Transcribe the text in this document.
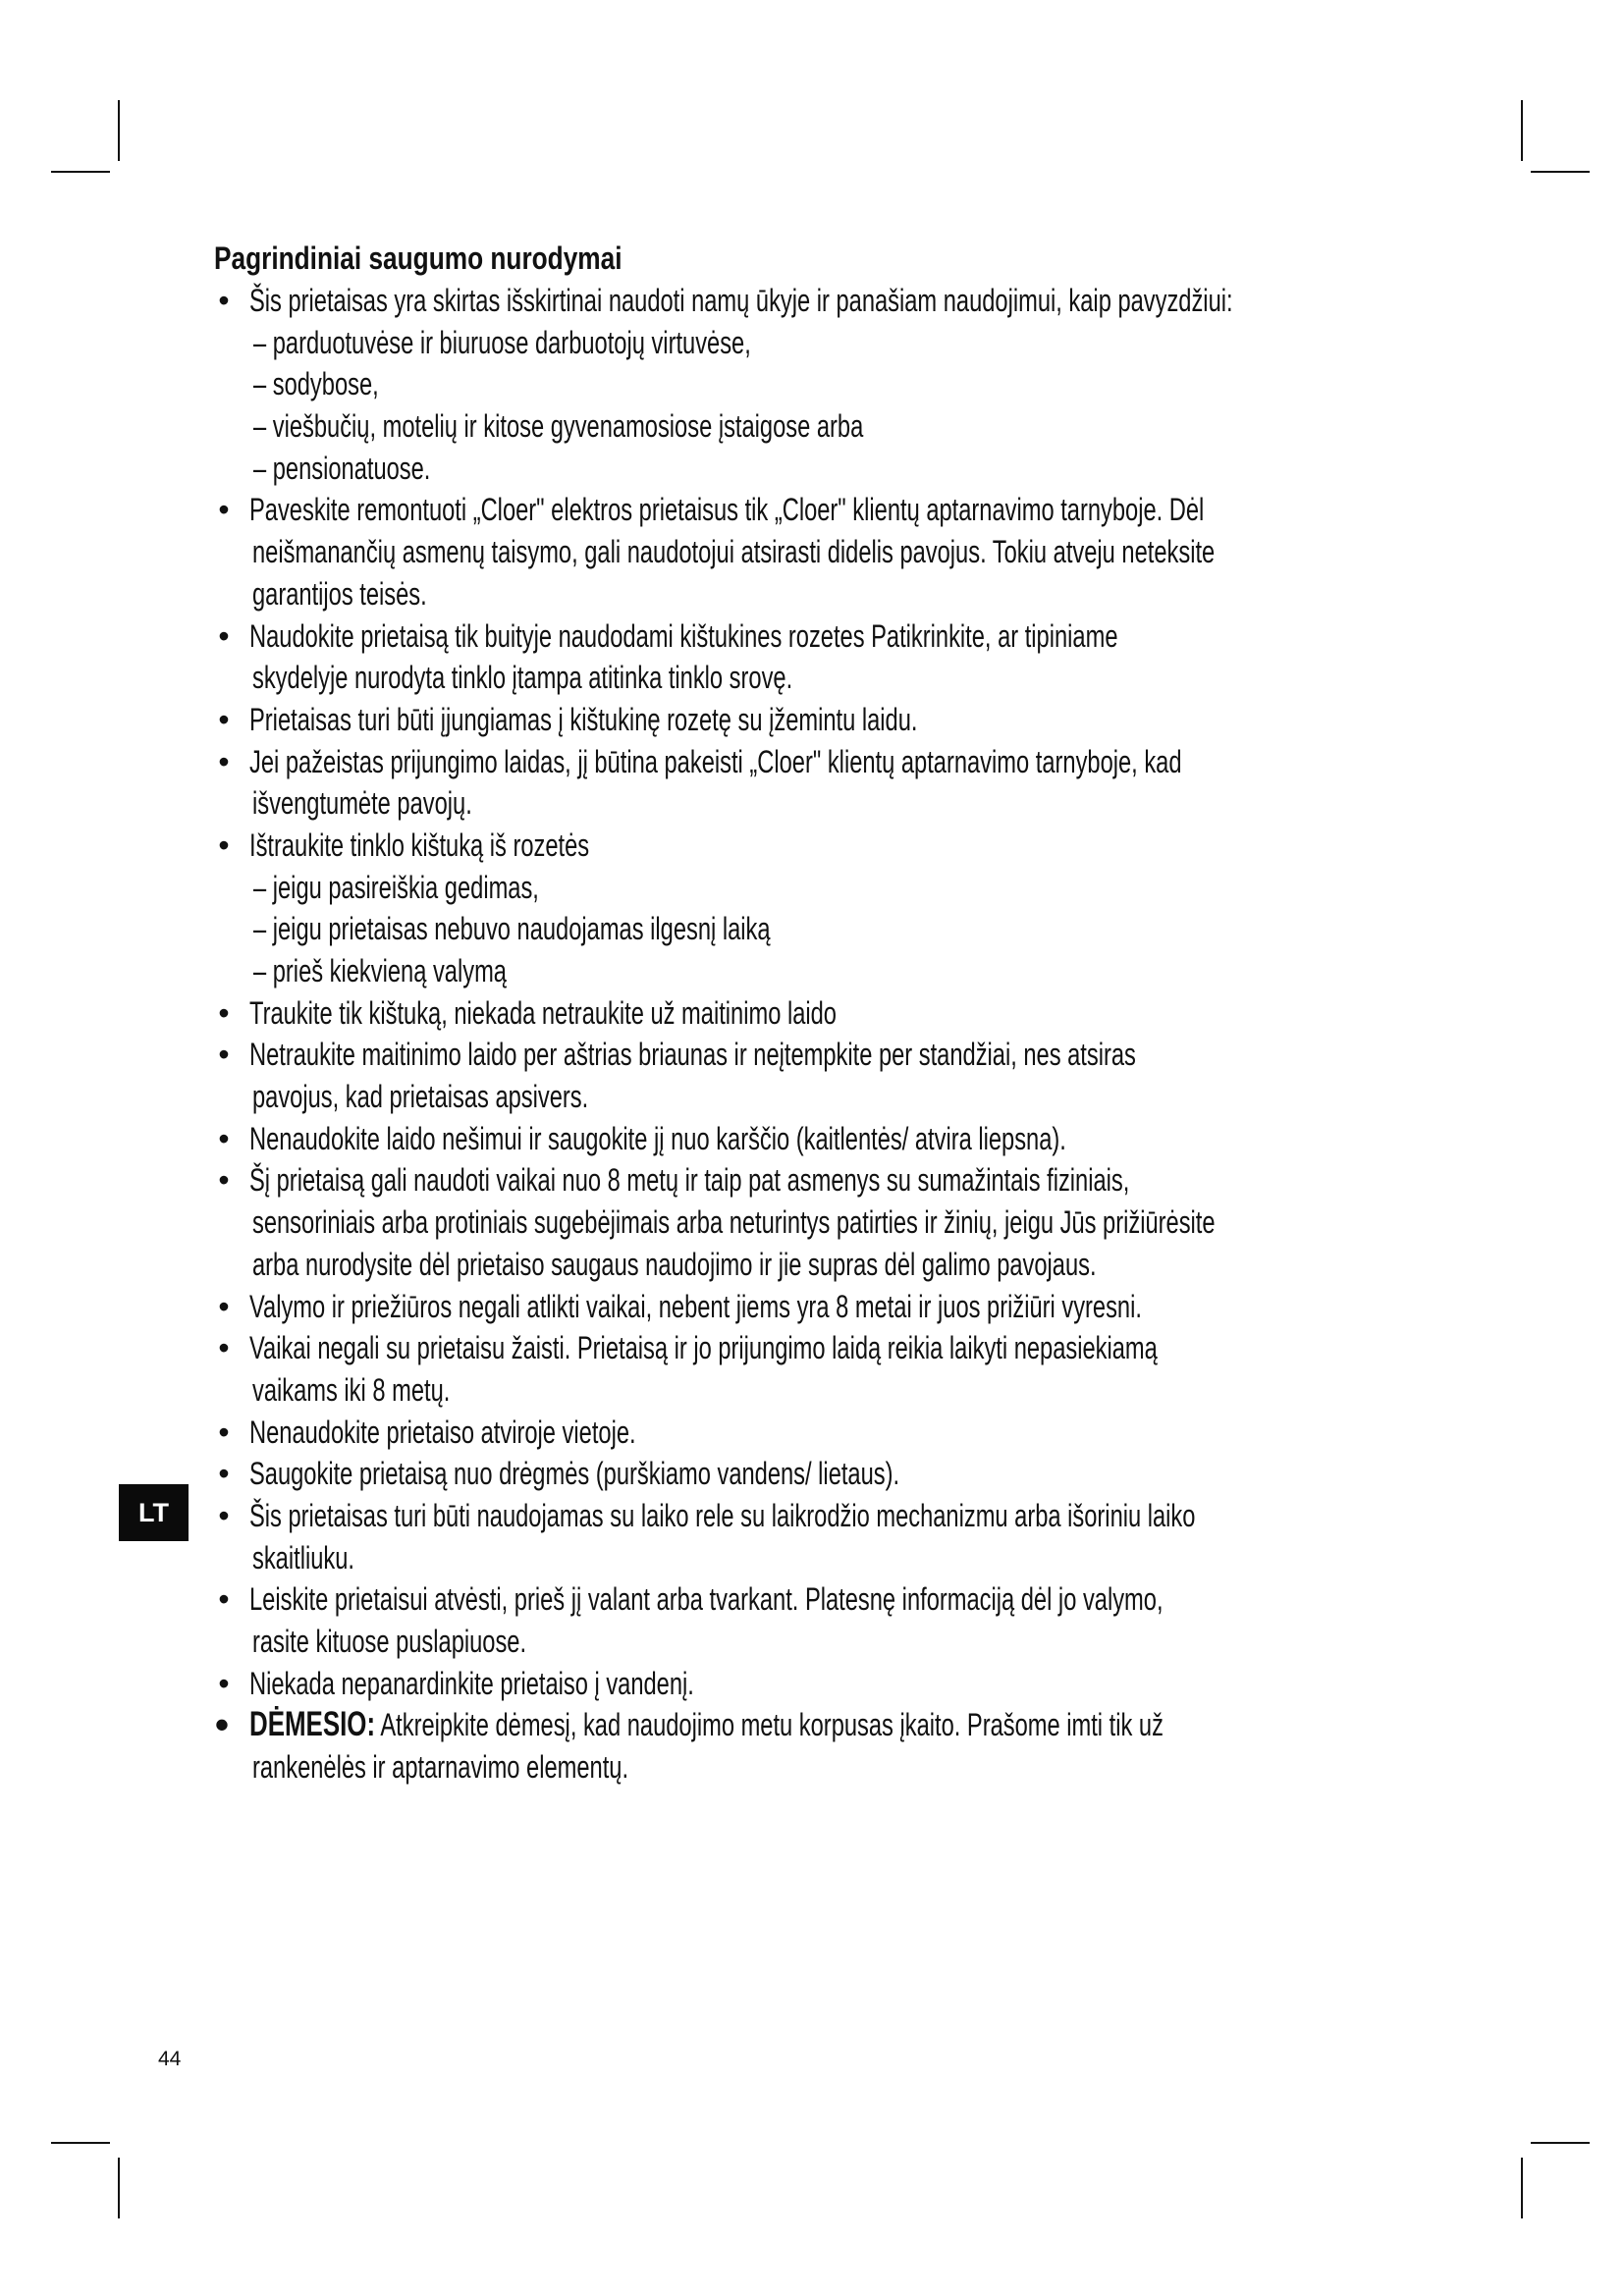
Pagrindiniai saugumo nurodymai
• Šis prietaisas yra skirtas išskirtinai naudoti namų ūkyje ir panašiam naudojimui, kaip pavyzdžiui:
– parduotuvėse ir biuruose darbuotojų virtuvėse,
– sodybose,
– viešbučių, motelių ir kitose gyvenamosiose įstaigose arba
– pensionatuose.
• Paveskite remontuoti „Cloer" elektros prietaisus tik „Cloer" klientų aptarnavimo tarnyboje. Dėl
neišmanančių asmenų taisymo, gali naudotojui atsirasti didelis pavojus. Tokiu atveju neteksite
garantijos teisės.
• Naudokite prietaisą tik buityje naudodami kištukines rozetes Patikrinkite, ar tipiniame
skydelyje nurodyta tinklo įtampa atitinka tinklo srovę.
• Prietaisas turi būti įjungiamas į kištukinę rozetę su įžemintu laidu.
• Jei pažeistas prijungimo laidas, jį būtina pakeisti „Cloer" klientų aptarnavimo tarnyboje, kad
išvengtumėte pavojų.
• Ištraukite tinklo kištuką iš rozetės
– jeigu pasireiškia gedimas,
– jeigu prietaisas nebuvo naudojamas ilgesnį laiką
– prieš kiekvieną valymą
• Traukite tik kištuką, niekada netraukite už maitinimo laido
• Netraukite maitinimo laido per aštrias briaunas ir neįtempkite per standžiai, nes atsiras
pavojus, kad prietaisas apsivers.
• Nenaudokite laido nešimui ir saugokite jį nuo karščio (kaitlentės/ atvira liepsna).
• Šį prietaisą gali naudoti vaikai nuo 8 metų ir taip pat asmenys su sumažintais fiziniais,
sensoriniais arba protiniais sugebėjimais arba neturintys patirties ir žinių, jeigu Jūs prižiūrėsite
arba nurodysite dėl prietaiso saugaus naudojimo ir jie supras dėl galimo pavojaus.
• Valymo ir priežiūros negali atlikti vaikai, nebent jiems yra 8 metai ir juos prižiūri vyresni.
• Vaikai negali su prietaisu žaisti. Prietaisą ir jo prijungimo laidą reikia laikyti nepasiekiamą
vaikams iki 8 metų.
• Nenaudokite prietaiso atviroje vietoje.
• Saugokite prietaisą nuo drėgmės (purškiamo vandens/ lietaus).
• Šis prietaisas turi būti naudojamas su laiko rele su laikrodžio mechanizmu arba išoriniu laiko
skaitliuku.
• Leiskite prietaisui atvėsti, prieš jį valant arba tvarkant. Platesnę informaciją dėl jo valymo,
rasite kituose puslapiuose.
• Niekada nepanardinkite prietaiso į vandenį.
• DĖMESIO: Atkreipkite dėmesį, kad naudojimo metu korpusas įkaito. Prašome imti tik už
rankenėlės ir aptarnavimo elementų.
LT
44
